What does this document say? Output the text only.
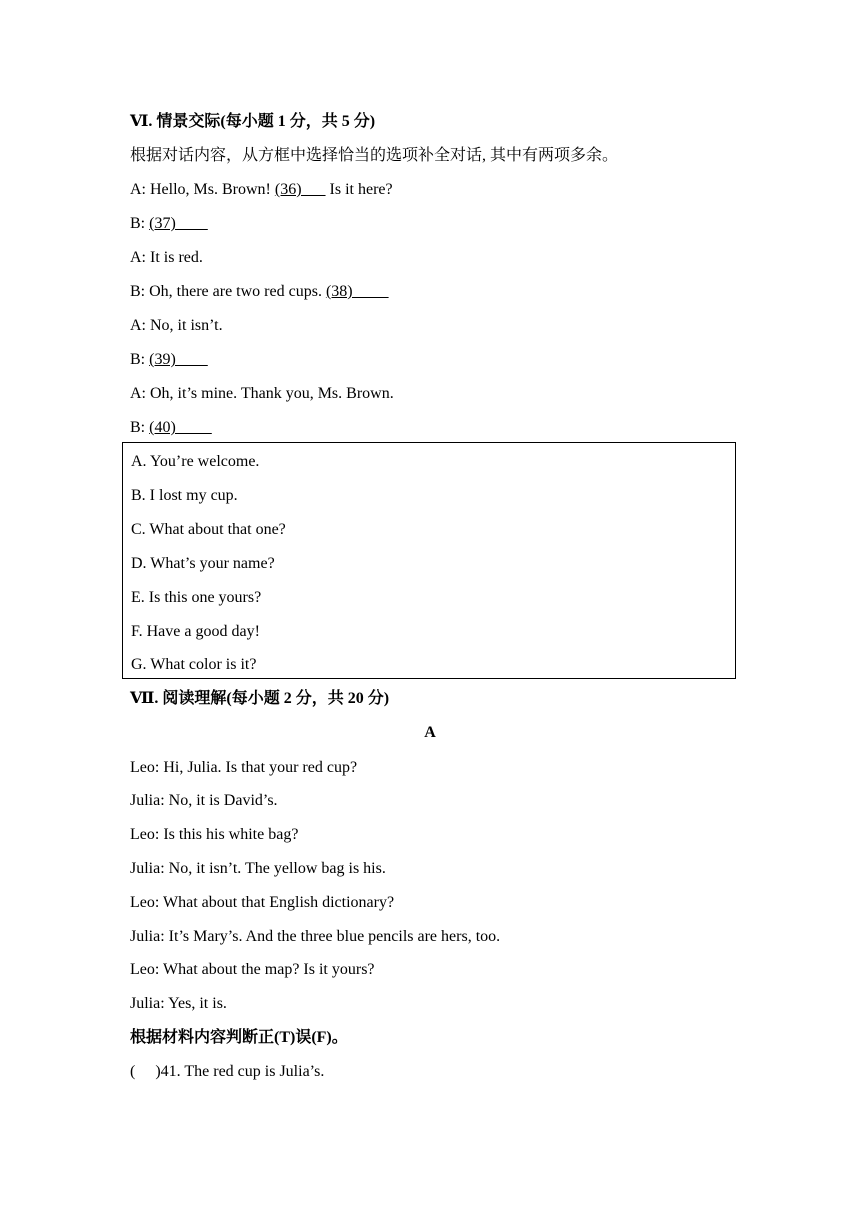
Ⅵ. 情景交际(每小题 1 分，共 5 分)
根据对话内容，从方框中选择恰当的选项补全对话, 其中有两项多余。
A: Hello, Ms. Brown! (36)       Is it here?
B: (37)
A: It is red.
B: Oh, there are two red cups. (38)
A: No, it isn’t.
B: (39)
A: Oh, it’s mine. Thank you, Ms. Brown.
B: (40)
A. You’re welcome.
B. I lost my cup.
C. What about that one?
D. What’s your name?
E. Is this one yours?
F. Have a good day!
G. What color is it?
Ⅶ. 阅读理解(每小题 2 分，共 20 分)
A
Leo: Hi, Julia. Is that your red cup?
Julia: No, it is David’s.
Leo: Is this his white bag?
Julia: No, it isn’t. The yellow bag is his.
Leo: What about that English dictionary?
Julia: It’s Mary’s. And the three blue pencils are hers, too.
Leo: What about the map? Is it yours?
Julia: Yes, it is.
根据材料内容判断正(T)误(F)。
(     )41. The red cup is Julia’s.
